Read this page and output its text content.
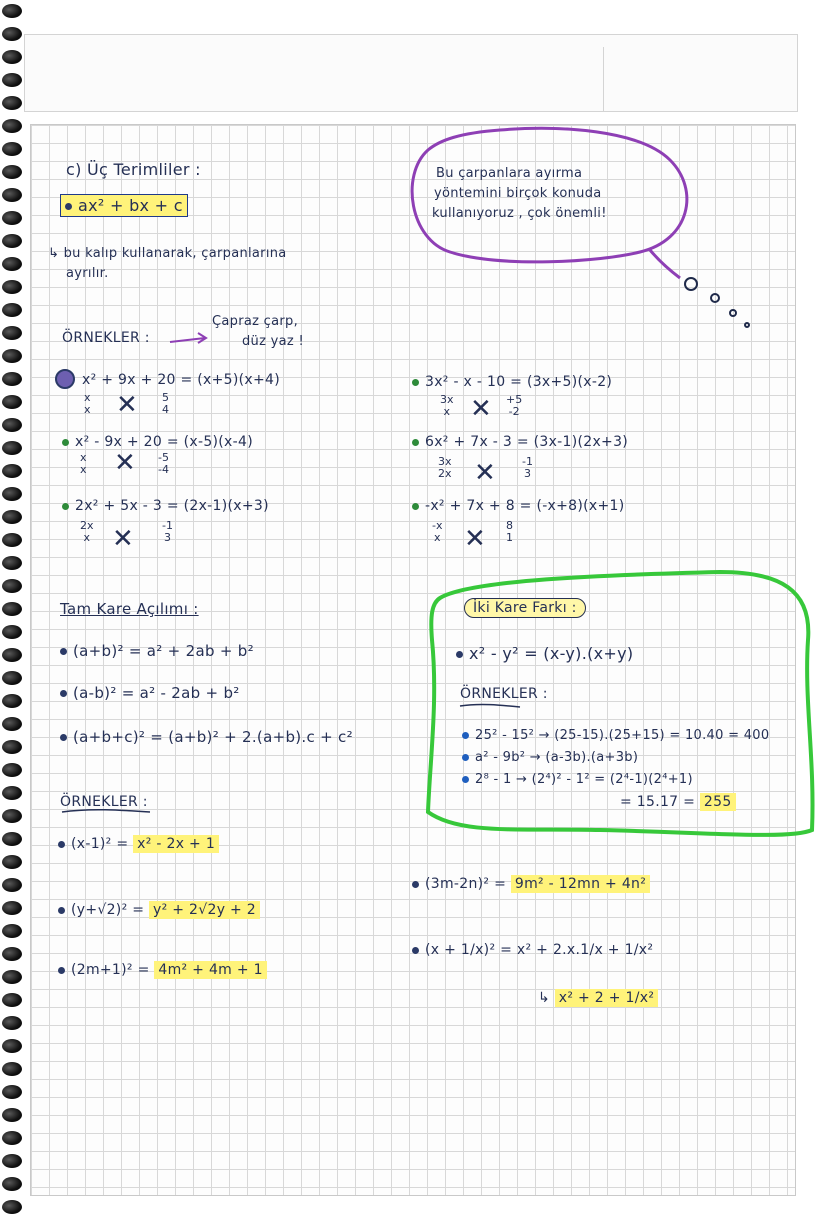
c) Üç Terimliler :
ax² + bx + c
↳ bu kalıp kullanarak, çarpanlarına
ayrılır.
Bu çarpanlara ayırma
yöntemini birçok konuda
kullanıyoruz , çok önemli!
ÖRNEKLER :
Çapraz çarp,
düz yaz !
x² + 9x + 20 = (x+5)(x+4)
x
x ✕ 5
4
x² - 9x + 20 = (x-5)(x-4)
x
x ✕ -5
-4
2x² + 5x - 3 = (2x-1)(x+3)
2x
x ✕	-1
3
3x² - x - 10 = (3x+5)(x-2)
3x
x ✕ +5
-2
6x² + 7x - 3 = (3x-1)(2x+3)
3x
2x ✕ -1
3
-x² + 7x + 8 = (-x+8)(x+1)
-x
x ✕ 8
1
Tam Kare Açılımı :
(a+b)² = a² + 2ab + b²
(a-b)² = a² - 2ab + b²
(a+b+c)² = (a+b)² + 2.(a+b).c + c²
İki Kare Farkı :
x² - y² = (x-y).(x+y)
ÖRNEKLER :
25² - 15² → (25-15).(25+15) = 10.40 = 400
a² - 9b² → (a-3b).(a+3b)
2⁸ - 1 → (2⁴)² - 1² = (2⁴-1)(2⁴+1)
= 15.17 = 255
ÖRNEKLER :
(x-1)² = x² - 2x + 1
(y+√2)² = y² + 2√2y + 2
(2m+1)² = 4m² + 4m + 1
(3m-2n)² = 9m² - 12mn + 4n²
(x + 1/x)² = x² + 2.x.1/x + 1/x²
↳ x² + 2 + 1/x²
